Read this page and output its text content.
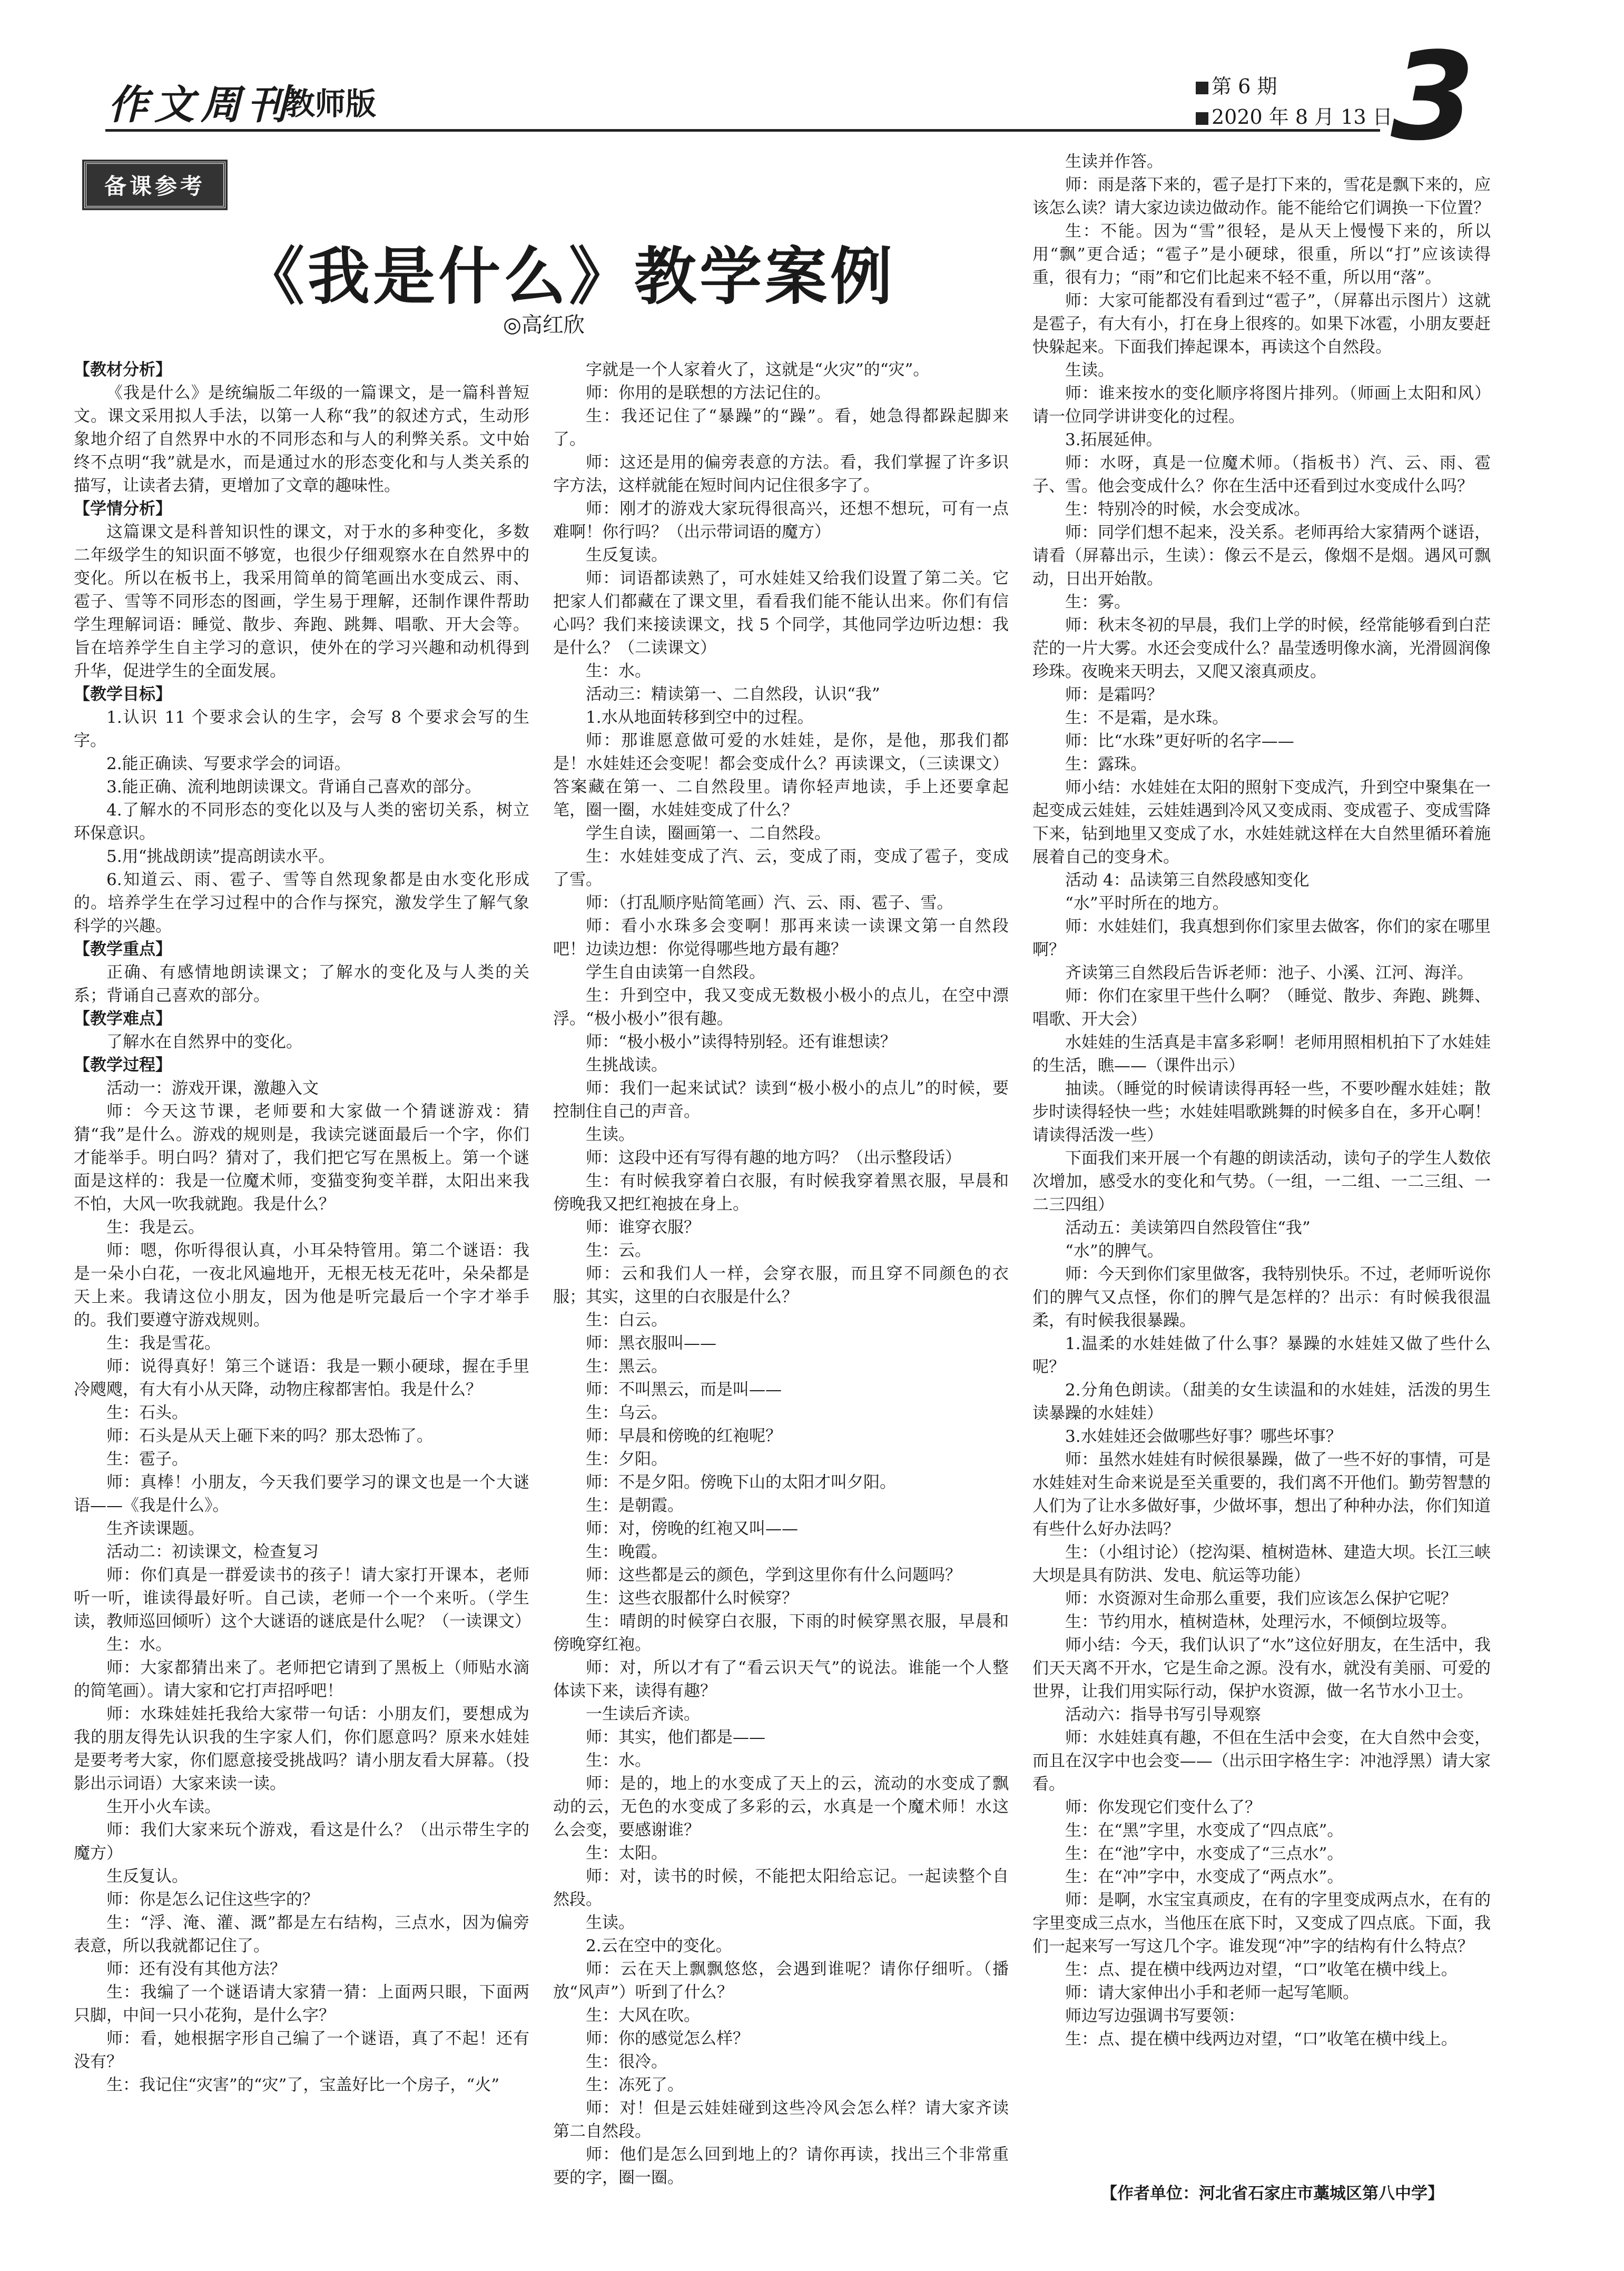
作文周刊
教师版	第 6 期
2020 年 8 月 13 日
3
备课参考
《我是什么》教学案例
◎高红欣

【教材分析】

《我是什么》是统编版二年级的一篇课文，是一篇科普短文。课文采用拟人手法，以第一人称“我”的叙述方式，生动形象地介绍了自然界中水的不同形态和与人的利弊关系。文中始终不点明“我”就是水，而是通过水的形态变化和与人类关系的描写，让读者去猜，更增加了文章的趣味性。

【学情分析】

这篇课文是科普知识性的课文，对于水的多种变化，多数二年级学生的知识面不够宽，也很少仔细观察水在自然界中的变化。所以在板书上，我采用简单的简笔画出水变成云、雨、雹子、雪等不同形态的图画，学生易于理解，还制作课件帮助学生理解词语：睡觉、散步、奔跑、跳舞、唱歌、开大会等。旨在培养学生自主学习的意识，使外在的学习兴趣和动机得到升华，促进学生的全面发展。

【教学目标】

1.认识 11 个要求会认的生字，会写 8 个要求会写的生字。

2.能正确读、写要求学会的词语。

3.能正确、流利地朗读课文。背诵自己喜欢的部分。

4.了解水的不同形态的变化以及与人类的密切关系，树立环保意识。

5.用“挑战朗读”提高朗读水平。

6.知道云、雨、雹子、雪等自然现象都是由水变化形成的。培养学生在学习过程中的合作与探究，激发学生了解气象科学的兴趣。

【教学重点】

正确、有感情地朗读课文；了解水的变化及与人类的关系；背诵自己喜欢的部分。

【教学难点】

了解水在自然界中的变化。

【教学过程】

活动一：游戏开课，激趣入文

师：今天这节课，老师要和大家做一个猜谜游戏：猜猜“我”是什么。游戏的规则是，我读完谜面最后一个字，你们才能举手。明白吗？猜对了，我们把它写在黑板上。第一个谜面是这样的：我是一位魔术师，变猫变狗变羊群，太阳出来我不怕，大风一吹我就跑。我是什么？

生：我是云。

师：嗯，你听得很认真，小耳朵特管用。第二个谜语：我是一朵小白花，一夜北风遍地开，无根无枝无花叶，朵朵都是天上来。我请这位小朋友，因为他是听完最后一个字才举手的。我们要遵守游戏规则。

生：我是雪花。

师：说得真好！第三个谜语：我是一颗小硬球，握在手里冷飕飕，有大有小从天降，动物庄稼都害怕。我是什么？

生：石头。

师：石头是从天上砸下来的吗？那太恐怖了。

生：雹子。

师：真棒！小朋友，今天我们要学习的课文也是一个大谜语——《我是什么》。

生齐读课题。

活动二：初读课文，检查复习

师：你们真是一群爱读书的孩子！请大家打开课本，老师听一听，谁读得最好听。自己读，老师一个一个来听。（学生读，教师巡回倾听）这个大谜语的谜底是什么呢？（一读课文）

生：水。

师：大家都猜出来了。老师把它请到了黑板上（师贴水滴的简笔画）。请大家和它打声招呼吧！

师：水珠娃娃托我给大家带一句话：小朋友们，要想成为我的朋友得先认识我的生字家人们，你们愿意吗？原来水娃娃是要考考大家，你们愿意接受挑战吗？请小朋友看大屏幕。（投影出示词语）大家来读一读。

生开小火车读。

师：我们大家来玩个游戏，看这是什么？（出示带生字的魔方）

生反复认。

师：你是怎么记住这些字的？

生：“浮、淹、灌、溉”都是左右结构，三点水，因为偏旁表意，所以我就都记住了。

师：还有没有其他方法？

生：我编了一个谜语请大家猜一猜：上面两只眼，下面两只脚，中间一只小花狗，是什么字？

师：看，她根据字形自己编了一个谜语，真了不起！还有没有？

生：我记住“灾害”的“灾”了，宝盖好比一个房子，“火”

字就是一个人家着火了，这就是“火灾”的“灾”。

师：你用的是联想的方法记住的。

生：我还记住了“暴躁”的“躁”。看，她急得都跺起脚来了。

师：这还是用的偏旁表意的方法。看，我们掌握了许多识字方法，这样就能在短时间内记住很多字了。

师：刚才的游戏大家玩得很高兴，还想不想玩，可有一点难啊！你行吗？（出示带词语的魔方）

生反复读。

师：词语都读熟了，可水娃娃又给我们设置了第二关。它把家人们都藏在了课文里，看看我们能不能认出来。你们有信心吗？我们来接读课文，找 5 个同学，其他同学边听边想：我是什么？（二读课文）

生：水。

活动三：精读第一、二自然段，认识“我”

1.水从地面转移到空中的过程。

师：那谁愿意做可爱的水娃娃，是你，是他，那我们都是！水娃娃还会变呢！都会变成什么？再读课文，（三读课文）答案藏在第一、二自然段里。请你轻声地读，手上还要拿起笔，圈一圈，水娃娃变成了什么？

学生自读，圈画第一、二自然段。

生：水娃娃变成了汽、云，变成了雨，变成了雹子，变成了雪。

师：（打乱顺序贴简笔画）汽、云、雨、雹子、雪。

师：看小水珠多会变啊！那再来读一读课文第一自然段吧！边读边想：你觉得哪些地方最有趣？

学生自由读第一自然段。

生：升到空中，我又变成无数极小极小的点儿，在空中漂浮。“极小极小”很有趣。

师：“极小极小”读得特别轻。还有谁想读？

生挑战读。

师：我们一起来试试？读到“极小极小的点儿”的时候，要控制住自己的声音。

生读。

师：这段中还有写得有趣的地方吗？（出示整段话）

生：有时候我穿着白衣服，有时候我穿着黑衣服，早晨和傍晚我又把红袍披在身上。

师：谁穿衣服？

生：云。

师：云和我们人一样，会穿衣服，而且穿不同颜色的衣服；其实，这里的白衣服是什么？

生：白云。

师：黑衣服叫——

生：黑云。

师：不叫黑云，而是叫——

生：乌云。

师：早晨和傍晚的红袍呢？

生：夕阳。

师：不是夕阳。傍晚下山的太阳才叫夕阳。

生：是朝霞。

师：对，傍晚的红袍又叫——

生：晚霞。

师：这些都是云的颜色，学到这里你有什么问题吗？

生：这些衣服都什么时候穿？

生：晴朗的时候穿白衣服，下雨的时候穿黑衣服，早晨和傍晚穿红袍。

师：对，所以才有了“看云识天气”的说法。谁能一个人整体读下来，读得有趣？

一生读后齐读。

师：其实，他们都是——

生：水。

师：是的，地上的水变成了天上的云，流动的水变成了飘动的云，无色的水变成了多彩的云，水真是一个魔术师！水这么会变，要感谢谁？

生：太阳。

师：对，读书的时候，不能把太阳给忘记。一起读整个自然段。

生读。

2.云在空中的变化。

师：云在天上飘飘悠悠，会遇到谁呢？请你仔细听。（播放“风声”）听到了什么？

生：大风在吹。

师：你的感觉怎么样？

生：很冷。

生：冻死了。

师：对！但是云娃娃碰到这些冷风会怎么样？请大家齐读第二自然段。

师：他们是怎么回到地上的？请你再读，找出三个非常重要的字，圈一圈。

生读并作答。

师：雨是落下来的，雹子是打下来的，雪花是飘下来的，应该怎么读？请大家边读边做动作。能不能给它们调换一下位置？

生：不能。因为“雪”很轻，是从天上慢慢下来的，所以用“飘”更合适；“雹子”是小硬球，很重，所以“打”应该读得重，很有力；“雨”和它们比起来不轻不重，所以用“落”。

师：大家可能都没有看到过“雹子”，（屏幕出示图片）这就是雹子，有大有小，打在身上很疼的。如果下冰雹，小朋友要赶快躲起来。下面我们捧起课本，再读这个自然段。

生读。

师：谁来按水的变化顺序将图片排列。（师画上太阳和风）请一位同学讲讲变化的过程。

3.拓展延伸。

师：水呀，真是一位魔术师。（指板书）汽、云、雨、雹子、雪。他会变成什么？你在生活中还看到过水变成什么吗？

生：特别冷的时候，水会变成冰。

师：同学们想不起来，没关系。老师再给大家猜两个谜语，请看（屏幕出示，生读）：像云不是云，像烟不是烟。遇风可飘动，日出开始散。

生：雾。

师：秋末冬初的早晨，我们上学的时候，经常能够看到白茫茫的一片大雾。水还会变成什么？晶莹透明像水滴，光滑圆润像珍珠。夜晚来天明去，又爬又滚真顽皮。

师：是霜吗？

生：不是霜，是水珠。

师：比“水珠”更好听的名字——

生：露珠。

师小结：水娃娃在太阳的照射下变成汽，升到空中聚集在一起变成云娃娃，云娃娃遇到冷风又变成雨、变成雹子、变成雪降下来，钻到地里又变成了水，水娃娃就这样在大自然里循环着施展着自己的变身术。

活动 4：品读第三自然段感知变化

“水”平时所在的地方。

师：水娃娃们，我真想到你们家里去做客，你们的家在哪里啊？

齐读第三自然段后告诉老师：池子、小溪、江河、海洋。

师：你们在家里干些什么啊？（睡觉、散步、奔跑、跳舞、唱歌、开大会）

水娃娃的生活真是丰富多彩啊！老师用照相机拍下了水娃娃的生活，瞧——（课件出示）

抽读。（睡觉的时候请读得再轻一些，不要吵醒水娃娃；散步时读得轻快一些；水娃娃唱歌跳舞的时候多自在，多开心啊！请读得活泼一些）

下面我们来开展一个有趣的朗读活动，读句子的学生人数依次增加，感受水的变化和气势。（一组，一二组、一二三组、一二三四组）

活动五：美读第四自然段管住“我”

“水”的脾气。

师：今天到你们家里做客，我特别快乐。不过，老师听说你们的脾气又点怪，你们的脾气是怎样的？出示：有时候我很温柔，有时候我很暴躁。

1.温柔的水娃娃做了什么事？暴躁的水娃娃又做了些什么呢？

2.分角色朗读。（甜美的女生读温和的水娃娃，活泼的男生读暴躁的水娃娃）

3.水娃娃还会做哪些好事？哪些坏事？

师：虽然水娃娃有时候很暴躁，做了一些不好的事情，可是水娃娃对生命来说是至关重要的，我们离不开他们。勤劳智慧的人们为了让水多做好事，少做坏事，想出了种种办法，你们知道有些什么好办法吗？

生：（小组讨论）（挖沟渠、植树造林、建造大坝。长江三峡大坝是具有防洪、发电、航运等功能）

师：水资源对生命那么重要，我们应该怎么保护它呢？

生：节约用水，植树造林，处理污水，不倾倒垃圾等。

师小结：今天，我们认识了“水”这位好朋友，在生活中，我们天天离不开水，它是生命之源。没有水，就没有美丽、可爱的世界，让我们用实际行动，保护水资源，做一名节水小卫士。

活动六：指导书写引导观察

师：水娃娃真有趣，不但在生活中会变，在大自然中会变，而且在汉字中也会变——（出示田字格生字：冲池浮黑）请大家看。

师：你发现它们变什么了？

生：在“黑”字里，水变成了“四点底”。

生：在“池”字中，水变成了“三点水”。

生：在“冲”字中，水变成了“两点水”。

师：是啊，水宝宝真顽皮，在有的字里变成两点水，在有的字里变成三点水，当他压在底下时，又变成了四点底。下面，我们一起来写一写这几个字。谁发现“冲”字的结构有什么特点？

生：点、提在横中线两边对望，“口”收笔在横中线上。

师：请大家伸出小手和老师一起写笔顺。

师边写边强调书写要领：

生：点、提在横中线两边对望，“口”收笔在横中线上。

【作者单位：河北省石家庄市藁城区第八中学】
